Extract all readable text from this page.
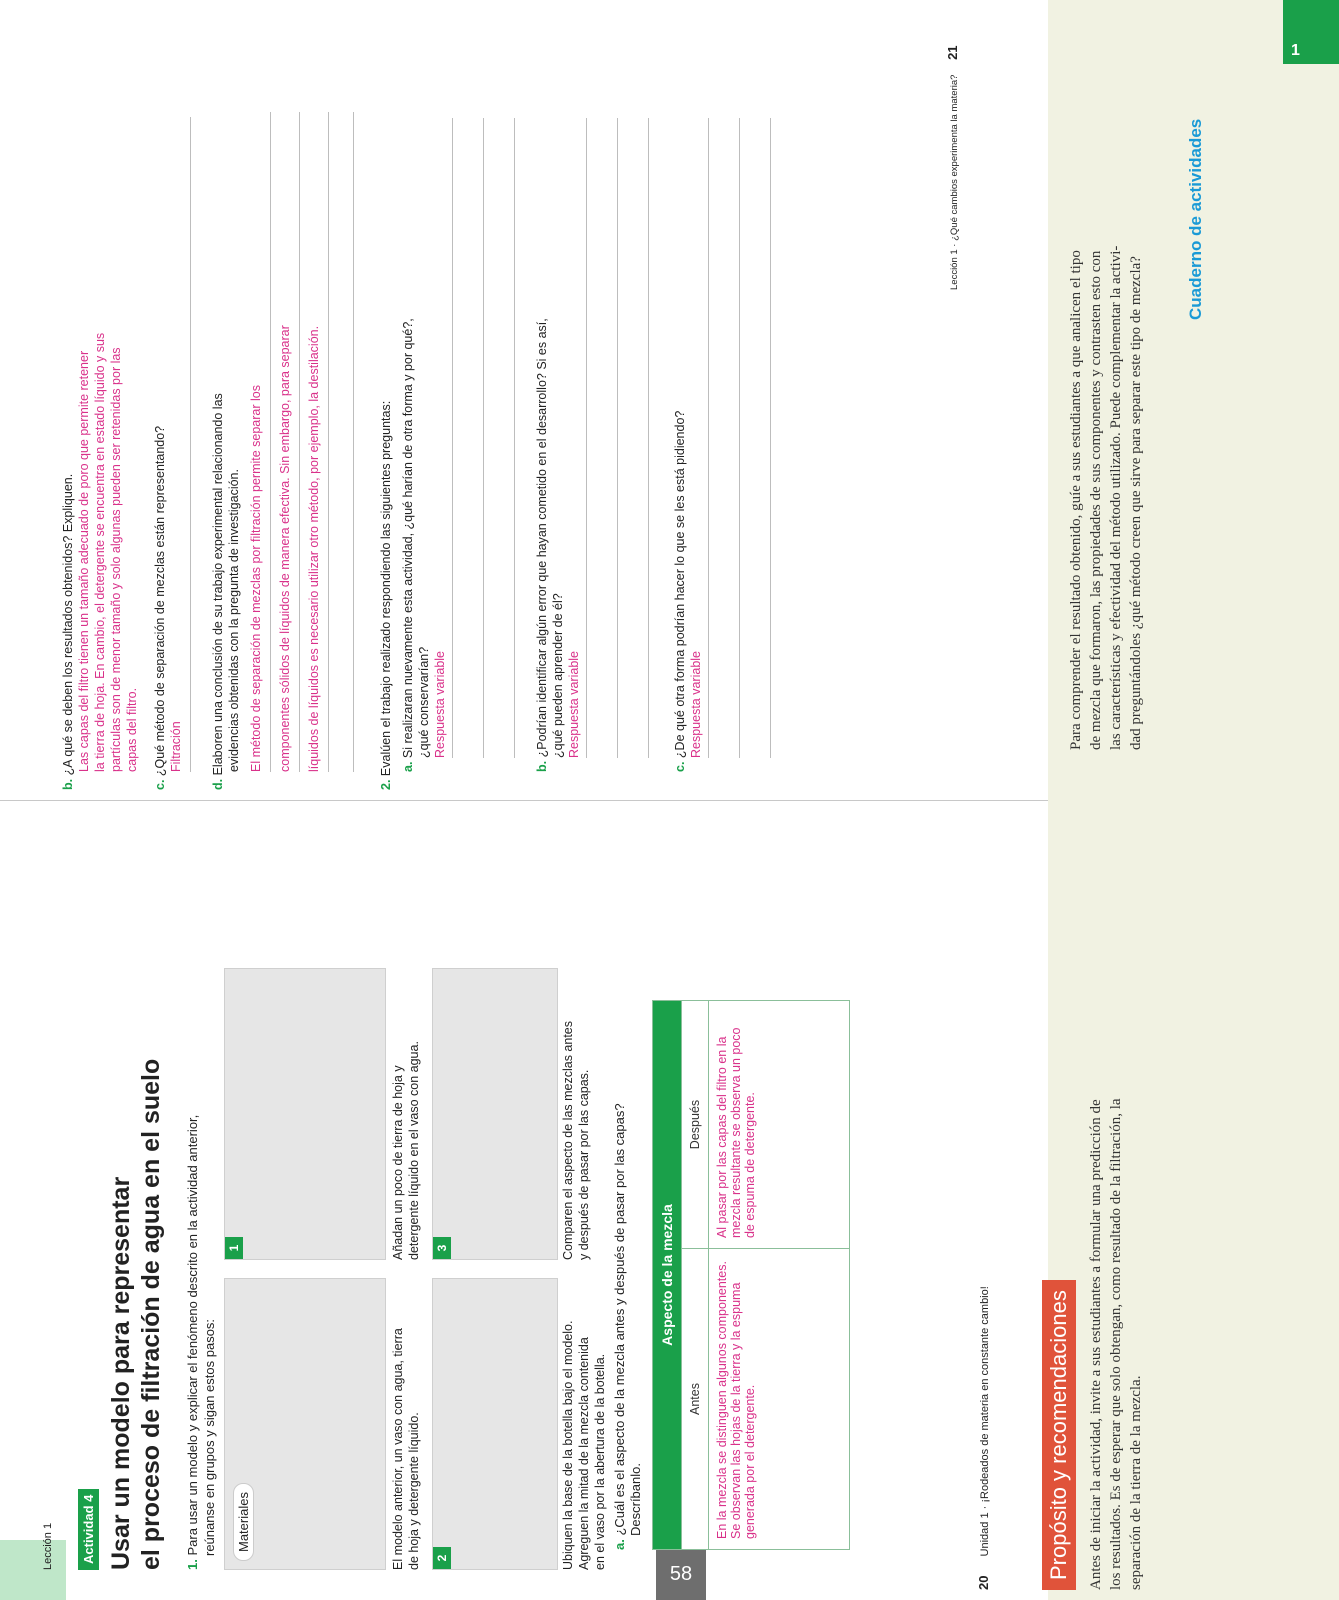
1
58
Lección 1 Actividad 4 Usar un modelo para representar el proceso de filtración de agua en el suelo 1. Para usar un modelo y explicar el fenómeno descrito en la actividad anterior, reúnanse en grupos y sigan estos pasos: Materiales	El modelo anterior, un vaso con agua, tierra de hoja y detergente líquido.
1	Añadan un poco de tierra de hoja y detergente líquido en el vaso con agua.
2	Ubiquen la base de la botella bajo el modelo. Agreguen la mitad de la mezcla contenida en el vaso por la abertura de la botella.
3	Comparen el aspecto de las mezclas antes y después de pasar por las capas.
a. ¿Cuál es el aspecto de la mezcla antes y después de pasar por las capas?
Descríbanlo.
Aspecto de la mezcla	
Antes	Después
En la mezcla se distinguen algunos componentes. Se observan las hojas de la tierra y la espuma generada por el detergente.	Al pasar por las capas del filtro en la mezcla resultante se observa un poco de espuma de detergente.
20 Unidad 1 · ¡Rodeados de materia en constante cambio!
b. ¿A qué se deben los resultados obtenidos? Expliquen. Las capas del filtro tienen un tamaño adecuado de poro que permite retener la tierra de hoja. En cambio, el detergente se encuentra en estado líquido y sus partículas son de menor tamaño y solo algunas pueden ser retenidas por las capas del filtro.
c. ¿Qué método de separación de mezclas están representando? Filtración
d. Elaboren una conclusión de su trabajo experimental relacionando las evidencias obtenidas con la pregunta de investigación. El método de separación de mezclas por filtración permite separar los	componentes sólidos de líquidos de manera efectiva. Sin embargo, para separar	líquidos de líquidos es necesario utilizar otro método, por ejemplo, la destilación.
2. Evalúen el trabajo realizado respondiendo las siguientes preguntas: a. Si realizaran nuevamente esta actividad, ¿qué harían de otra forma y por qué?, ¿qué conservarían? Respuesta variable
b. ¿Podrían identificar algún error que hayan cometido en el desarrollo? Si es así, ¿qué pueden aprender de él? Respuesta variable
c. ¿De qué otra forma podrían hacer lo que se les está pidiendo? Respuesta variable
Lección 1 · ¿Qué cambios experimenta la materia? 21
Propósito y recomendaciones	Antes de iniciar la actividad, invite a sus estudiantes a formular una predicción de los resultados. Es de esperar que solo obtengan, como resultado de la filtración, la separación de la tierra de la mezcla.
Para comprender el resultado obtenido, guíe a sus estudiantes a que analicen el tipo de mezcla que formaron, las propiedades de sus componentes y contrasten esto con las características y efectividad del método utilizado. Puede complementar la activi- dad preguntándoles ¿qué método creen que sirve para separar este tipo de mezcla?
Cuaderno de actividades
